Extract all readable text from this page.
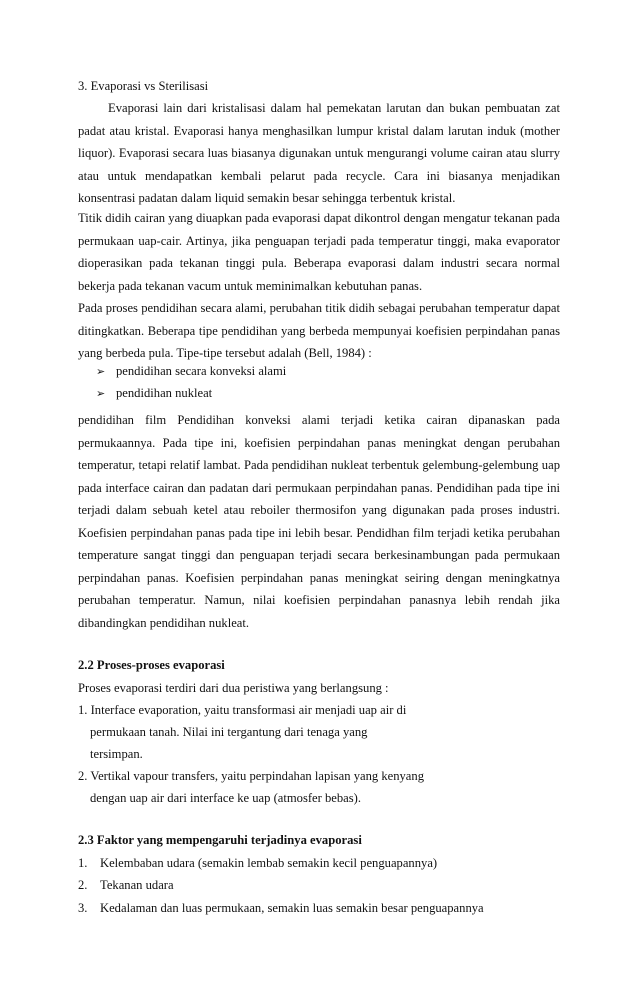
3. Evaporasi vs Sterilisasi
Evaporasi lain dari kristalisasi dalam hal pemekatan larutan dan bukan pembuatan zat padat atau kristal. Evaporasi hanya menghasilkan lumpur kristal dalam larutan induk (mother liquor). Evaporasi secara luas biasanya digunakan untuk mengurangi volume cairan atau slurry atau untuk mendapatkan kembali pelarut pada recycle. Cara ini biasanya menjadikan konsentrasi padatan dalam liquid semakin besar sehingga terbentuk kristal.
Titik didih cairan yang diuapkan pada evaporasi dapat dikontrol dengan mengatur tekanan pada permukaan uap-cair. Artinya, jika penguapan terjadi pada temperatur tinggi, maka evaporator dioperasikan pada tekanan tinggi pula. Beberapa evaporasi dalam industri secara normal bekerja pada tekanan vacum untuk meminimalkan kebutuhan panas.
Pada proses pendidihan secara alami, perubahan titik didih sebagai perubahan temperatur dapat ditingkatkan. Beberapa tipe pendidihan yang berbeda mempunyai koefisien perpindahan panas yang berbeda pula. Tipe-tipe tersebut adalah (Bell, 1984) :
➢ pendidihan secara konveksi alami
➢ pendidihan nukleat
pendidihan film Pendidihan konveksi alami terjadi ketika cairan dipanaskan pada permukaannya. Pada tipe ini, koefisien perpindahan panas meningkat dengan perubahan temperatur, tetapi relatif lambat. Pada pendidihan nukleat terbentuk gelembung-gelembung uap pada interface cairan dan padatan dari permukaan perpindahan panas. Pendidihan pada tipe ini terjadi dalam sebuah ketel atau reboiler thermosifon yang digunakan pada proses industri. Koefisien perpindahan panas pada tipe ini lebih besar. Pendidhan film terjadi ketika perubahan temperature sangat tinggi dan penguapan terjadi secara berkesinambungan pada permukaan perpindahan panas. Koefisien perpindahan panas meningkat seiring dengan meningkatnya perubahan temperatur. Namun, nilai koefisien perpindahan panasnya lebih rendah jika dibandingkan pendidihan nukleat.
2.2 Proses-proses evaporasi
Proses evaporasi terdiri dari dua peristiwa yang berlangsung :
1. Interface evaporation, yaitu transformasi air menjadi uap air di
permukaan tanah. Nilai ini tergantung dari tenaga yang
tersimpan.
2. Vertikal vapour transfers, yaitu perpindahan lapisan yang kenyang
dengan uap air dari interface ke uap (atmosfer bebas).
2.3 Faktor yang mempengaruhi terjadinya evaporasi
1. Kelembaban udara (semakin lembab semakin kecil penguapannya)
2. Tekanan udara
3. Kedalaman dan luas permukaan, semakin luas semakin besar penguapannya
